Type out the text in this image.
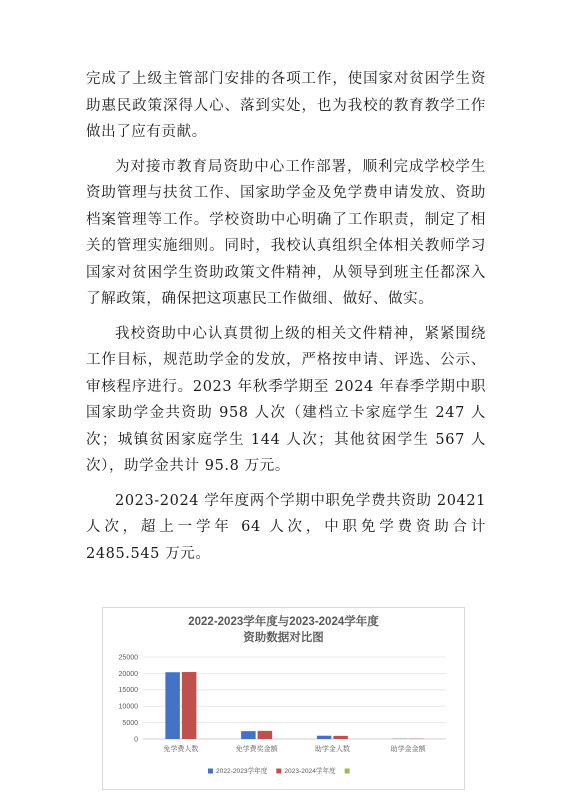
完成了上级主管部门安排的各项工作，使国家对贫困学生资助惠民政策深得人心、落到实处，也为我校的教育教学工作做出了应有贡献。

为对接市教育局资助中心工作部署，顺利完成学校学生资助管理与扶贫工作、国家助学金及免学费申请发放、资助档案管理等工作。学校资助中心明确了工作职责，制定了相关的管理实施细则。同时，我校认真组织全体相关教师学习国家对贫困学生资助政策文件精神，从领导到班主任都深入了解政策，确保把这项惠民工作做细、做好、做实。

我校资助中心认真贯彻上级的相关文件精神，紧紧围绕工作目标，规范助学金的发放，严格按申请、评选、公示、审核程序进行。2023 年秋季学期至 2024 年春季学期中职国家助学金共资助 958 人次（建档立卡家庭学生 247 人次；城镇贫困家庭学生 144 人次；其他贫困学生 567 人次），助学金共计 95.8 万元。

2023-2024 学年度两个学期中职免学费共资助 20421 人次，超上一学年 64 人次，中职免学费资助合计 2485.545 万元。

2022-2023学年度与2023-2024学年度
资助数据对比图
0
5000
10000
15000
20000
25000
免学费人数	免学费奖金额	助学金人数	助学金金额
2022-2023学年度	2023-2024学年度
